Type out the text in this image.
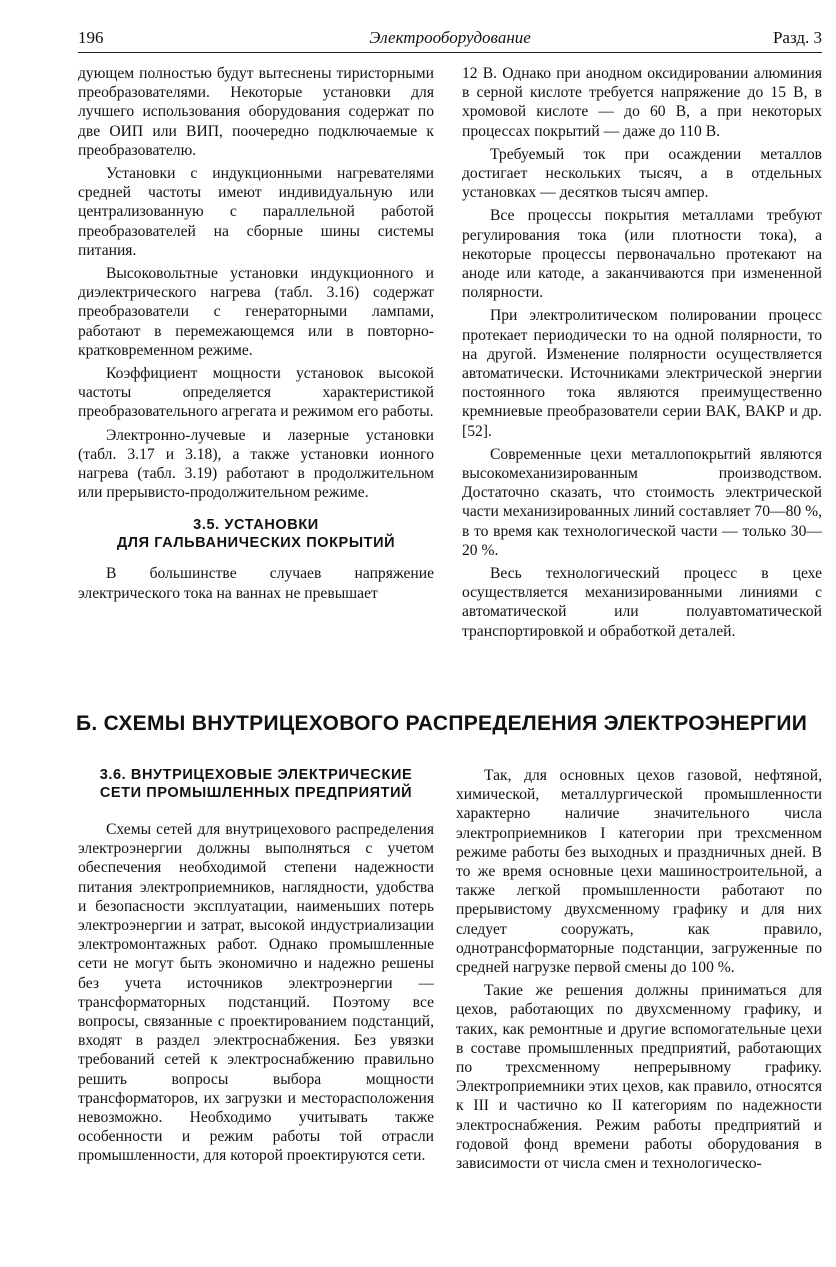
196	Электрооборудование	Разд. 3

дующем полностью будут вытеснены тиристорными преобразователями. Некоторые установки для лучшего использования оборудования содержат по две ОИП или ВИП, поочередно подключаемые к преобразователю.

Установки с индукционными нагревателями средней частоты имеют индивидуальную или централизованную с параллельной работой преобразователей на сборные шины системы питания.

Высоковольтные установки индукционного и диэлектрического нагрева (табл. 3.16) содержат преобразователи с генераторными лампами, работают в перемежающемся или в повторно-кратковременном режиме.

Коэффициент мощности установок высокой частоты определяется характеристикой преобразовательного агрегата и режимом его работы.

Электронно-лучевые и лазерные установки (табл. 3.17 и 3.18), а также установки ионного нагрева (табл. 3.19) работают в продолжительном или прерывисто-продолжительном режиме.

3.5. УСТАНОВКИ
ДЛЯ ГАЛЬВАНИЧЕСКИХ ПОКРЫТИЙ

В большинстве случаев напряжение электрического тока на ваннах не превышает

12 В. Однако при анодном оксидировании алюминия в серной кислоте требуется напряжение до 15 В, в хромовой кислоте — до 60 В, а при некоторых процессах покрытий — даже до 110 В.

Требуемый ток при осаждении металлов достигает нескольких тысяч, а в отдельных установках — десятков тысяч ампер.

Все процессы покрытия металлами требуют регулирования тока (или плотности тока), а некоторые процессы первоначально протекают на аноде или катоде, а заканчиваются при измененной полярности.

При электролитическом полировании процесс протекает периодически то на одной полярности, то на другой. Изменение полярности осуществляется автоматически. Источниками электрической энергии постоянного тока являются преимущественно кремниевые преобразователи серии ВАК, ВАКР и др. [52].

Современные цехи металлопокрытий являются высокомеханизированным производством. Достаточно сказать, что стоимость электрической части механизированных линий составляет 70—80 %, в то время как технологической части — только 30—20 %.

Весь технологический процесс в цехе осуществляется механизированными линиями с автоматической или полуавтоматической транспортировкой и обработкой деталей.

Б. СХЕМЫ ВНУТРИЦЕХОВОГО РАСПРЕДЕЛЕНИЯ ЭЛЕКТРОЭНЕРГИИ
3.6. ВНУТРИЦЕХОВЫЕ ЭЛЕКТРИЧЕСКИЕ
СЕТИ ПРОМЫШЛЕННЫХ ПРЕДПРИЯТИЙ

Схемы сетей для внутрицехового распределения электроэнергии должны выполняться с учетом обеспечения необходимой степени надежности питания электроприемников, наглядности, удобства и безопасности эксплуатации, наименьших потерь электроэнергии и затрат, высокой индустриализации электромонтажных работ. Однако промышленные сети не могут быть экономично и надежно решены без учета источников электроэнергии — трансформаторных подстанций. Поэтому все вопросы, связанные с проектированием подстанций, входят в раздел электроснабжения. Без увязки требований сетей к электроснабжению правильно решить вопросы выбора мощности трансформаторов, их загрузки и месторасположения невозможно. Необходимо учитывать также особенности и режим работы той отрасли промышленности, для которой проектируются сети.

Так, для основных цехов газовой, нефтяной, химической, металлургической промышленности характерно наличие значительного числа электроприемников I категории при трехсменном режиме работы без выходных и праздничных дней. В то же время основные цехи машиностроительной, а также легкой промышленности работают по прерывистому двухсменному графику и для них следует сооружать, как правило, однотрансформаторные подстанции, загруженные по средней нагрузке первой смены до 100 %.

Такие же решения должны приниматься для цехов, работающих по двухсменному графику, и таких, как ремонтные и другие вспомогательные цехи в составе промышленных предприятий, работающих по трехсменному непрерывному графику. Электроприемники этих цехов, как правило, относятся к III и частично ко II категориям по надежности электроснабжения. Режим работы предприятий и годовой фонд времени работы оборудования в зависимости от числа смен и технологическо-
